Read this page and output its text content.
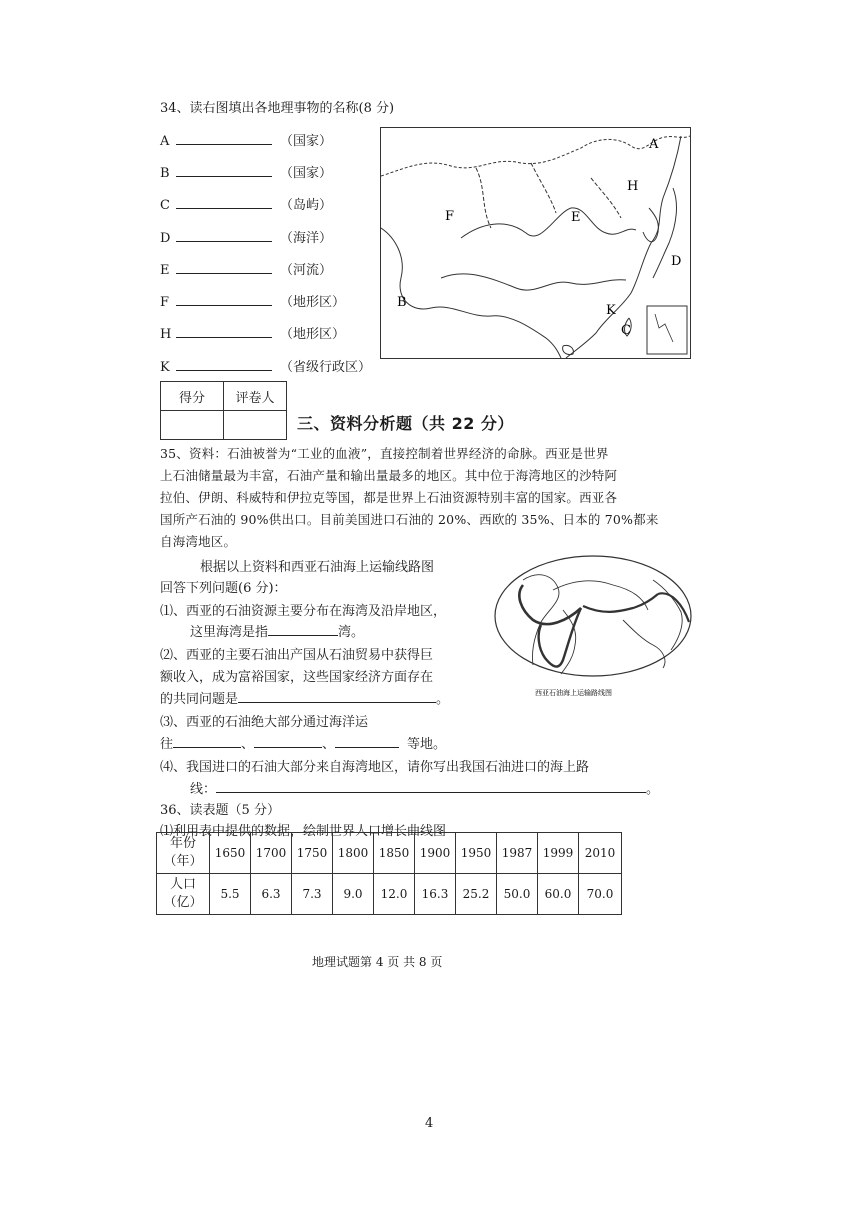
34、读右图填出各地理事物的名称(8 分)
A	（国家）
B	（国家）
C	（岛屿）
D	（海洋）
E	（河流）
F	（地形区）
H	（地形区）
K	（省级行政区）
A
H
E
F
D
B
K
C
得分	评卷人

三、资料分析题（共 22 分）

35、资料：石油被誉为“工业的血液”，直接控制着世界经济的命脉。西亚是世界

上石油储量最为丰富，石油产量和输出量最多的地区。其中位于海湾地区的沙特阿

拉伯、伊朗、科威特和伊拉克等国，都是世界上石油资源特别丰富的国家。西亚各

国所产石油的 90%供出口。目前美国进口石油的 20%、西欧的 35%、日本的 70%都来

自海湾地区。

根据以上资料和西亚石油海上运输线路图
回答下列问题(6 分)：
⑴、西亚的石油资源主要分布在海湾及沿岸地区，
这里海湾是指	湾。
⑵、西亚的主要石油出产国从石油贸易中获得巨
额收入，成为富裕国家，这些国家经济方面存在
的共同问题是	。	西亚石油海上运输路线图
⑶、西亚的石油绝大部分通过海洋运
往	、	、	等地。
⑷、我国进口的石油大部分来自海湾地区，请你写出我国石油进口的海上路
线：	。
36、读表题（5 分）
⑴利用表中提供的数据，绘制世界人口增长曲线图
年份
（年）	1650	1700	1750	1800	1850	1900	1950	1987	1999	2010

人口
（亿）	5.5	6.3	7.3	9.0	12.0	16.3	25.2	50.0	60.0	70.0
地理试题第 4 页 共 8 页
4
